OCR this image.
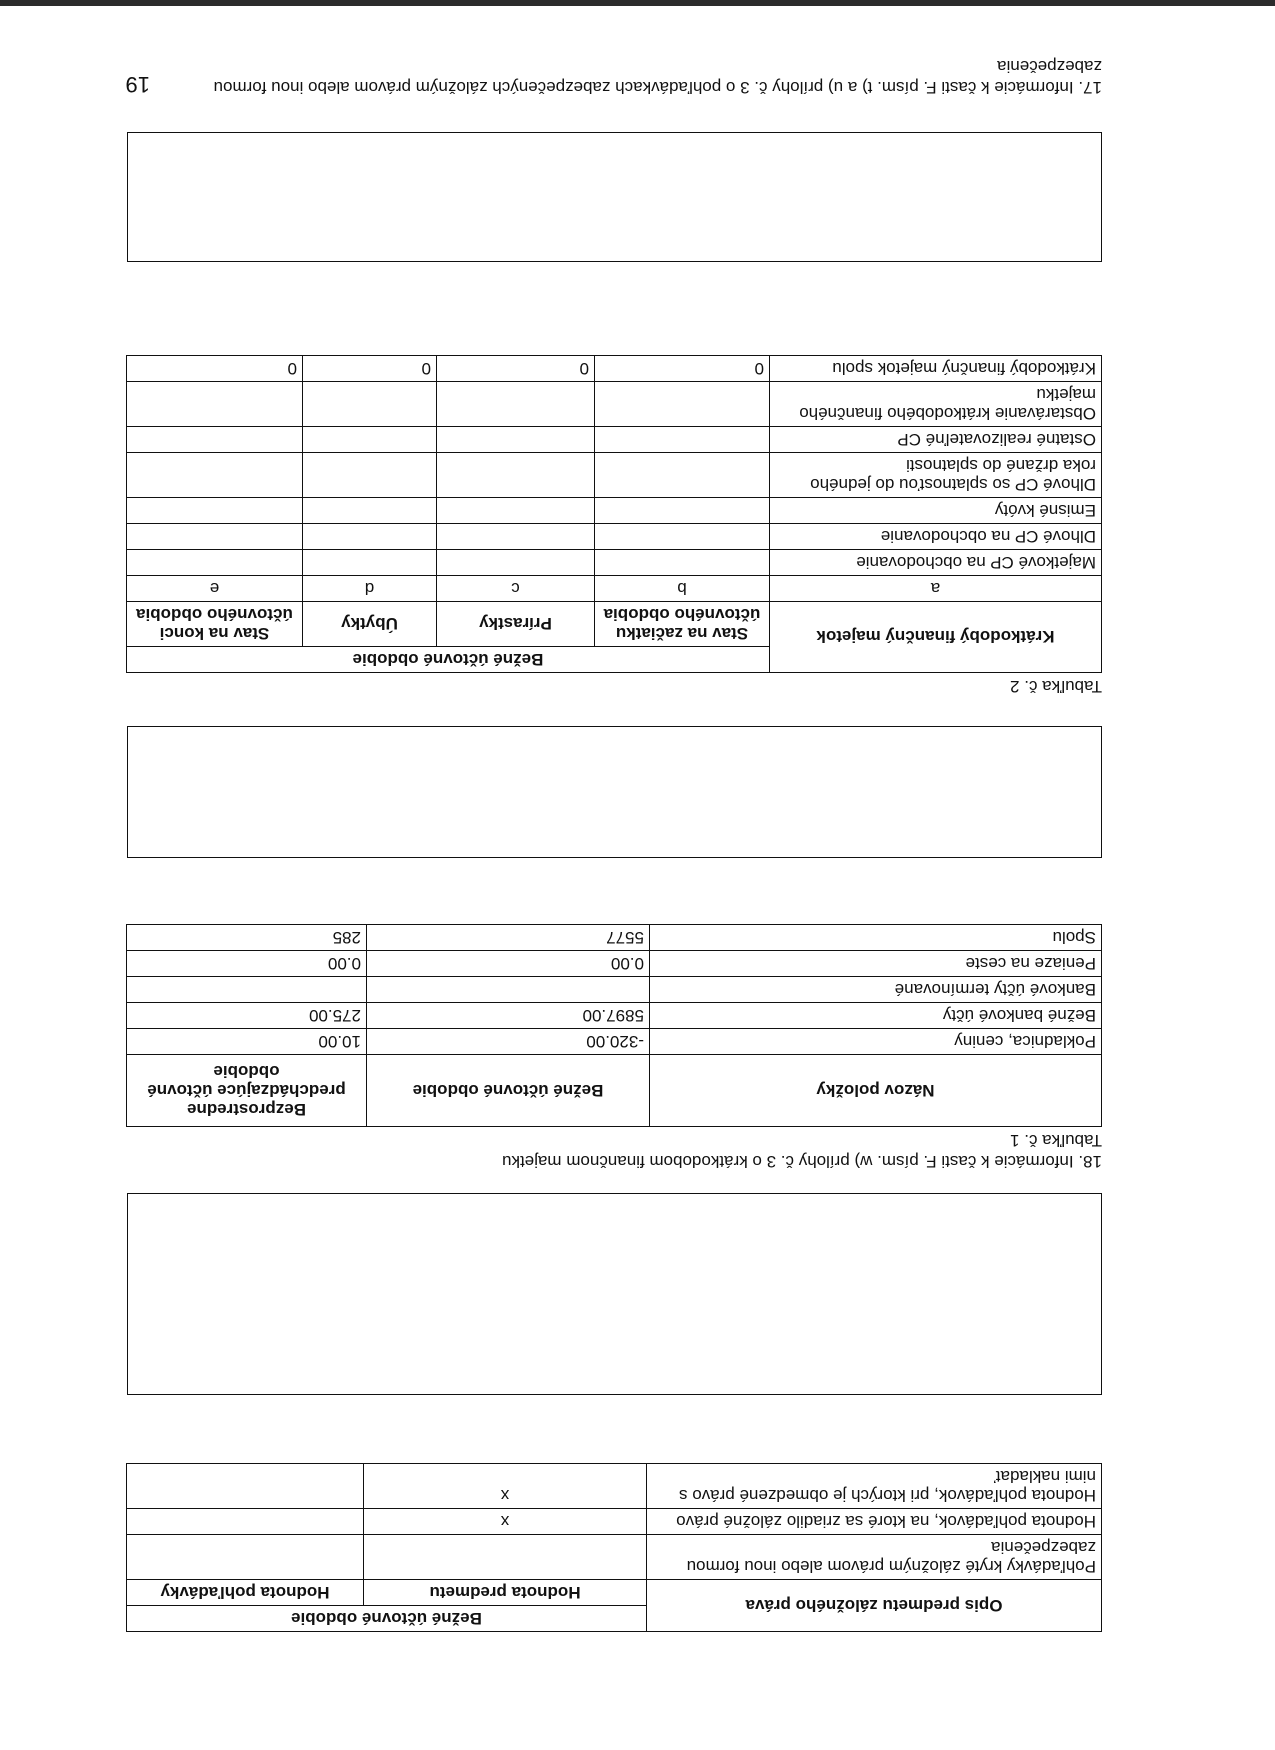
17. Informácie k časti F. písm. t) a u) prílohy č. 3 o pohľadávkach zabezpečených záložným právom alebo inou formou zabezpečenia
Opis predmetu záložného práva	Bežné účtovné obdobie	
	Hodnota predmetu	Hodnota pohľadávky
Pohľadávky kryté záložným právom alebo inou formou zabezpečenia		
Hodnota pohľadávok, na ktoré sa zriadilo záložné právo	x	
Hodnota pohľadávok, pri ktorých je obmedzené právo s nimi nakladať	x	
18. Informácie k časti F. písm. w) prílohy č. 3 o krátkodobom finančnom majetku
Tabuľka č. 1
Názov položky	Bežné účtovné obdobie	Bezprostredne predchádzajúce účtovné obdobie
Pokladnica, ceniny	-320.00	10.00
Bežné bankové účty	5897.00	275.00
Bankové účty termínované		
Peniaze na ceste	0.00	0.00
Spolu	5577	285
Tabuľka č. 2
Krátkodobý finančný majetok	Bežné účtovné obdobie			
	Stav na začiatku účtovného obdobia	Prírastky	Úbytky	Stav na konci účtovného obdobia
a	b	c	d	e
Majetkové CP na obchodovanie				
Dlhové CP na obchodovanie				
Emisné kvóty				
Dlhové CP so splatnosťou do jedného roka držané do splatnosti				
Ostatné realizovateľné CP				
Obstarávanie krátkodobého finančného majetku				
Krátkodobý finančný majetok spolu	0	0	0	0
19
